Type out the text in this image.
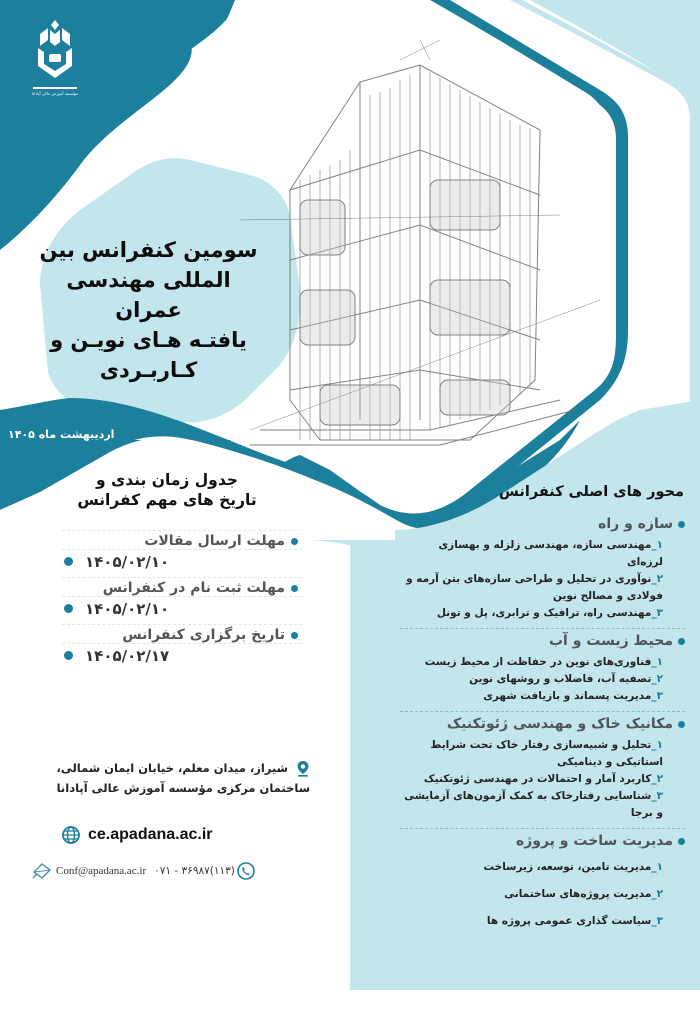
مؤسسه آموزش عالی آپادانا
سومین کنفرانس بین
المللی مهندسی عمران
یافتـه هـای نویـن و
کـاربـردی
اردیبهشت ماه ۱۴۰۵
جدول زمان بندی و
تاریخ های مهم کفرانس
مهلت ارسال مقالات
۱۴۰۵/۰۲/۱۰
مهلت ثبت نام در کنفرانس
۱۴۰۵/۰۲/۱۰
تاریخ برگزاری کنفرانس
۱۴۰۵/۰۲/۱۷
شیراز، میدان معلم، خیابان ایمان شمالی،
ساختمان مرکزی مؤسسه آموزش عالی آپادانا
ce.apadana.ac.ir
Conf@apadana.ac.ir ۰۷۱ - ۳۶۹۸۷(۱۱۳)
محور های اصلی کنفرانس
سازه و راه
۱_مهندسی سازه، مهندسی زلزله و بهسازی لرزه‌ای
۲_نوآوری در تحلیل و طراحی سازه‌های بتن آرمه و فولادی و مصالح نوین
۳_مهندسی راه، ترافیک و ترابری، پل و تونل
محیط زیست و آب
۱_فناوری‌های نوین در حفاظت از محیط زیست
۲_تصفیه آب، فاضلاب و روشهای نوین
۳_مدیریت پسماند و بازیافت شهری
مکانیک خاک و مهندسی ژئوتکنیک
۱_تحلیل و شبیه‌سازی رفتار خاک تحت شرایط استاتیکی و دینامیکی
۲_کاربرد آمار و احتمالات در مهندسی ژئوتکنیک
۳_شناسایی رفتارخاک به کمک آزمون‌های آزمایشی و برجا
مدیریت ساخت و پروژه
۱_مدیریت تامین، توسعه، زیرساخت
۲_مدیریت پروژه‌های ساختمانی
۳_سیاست گذاری عمومی پروژه ها
